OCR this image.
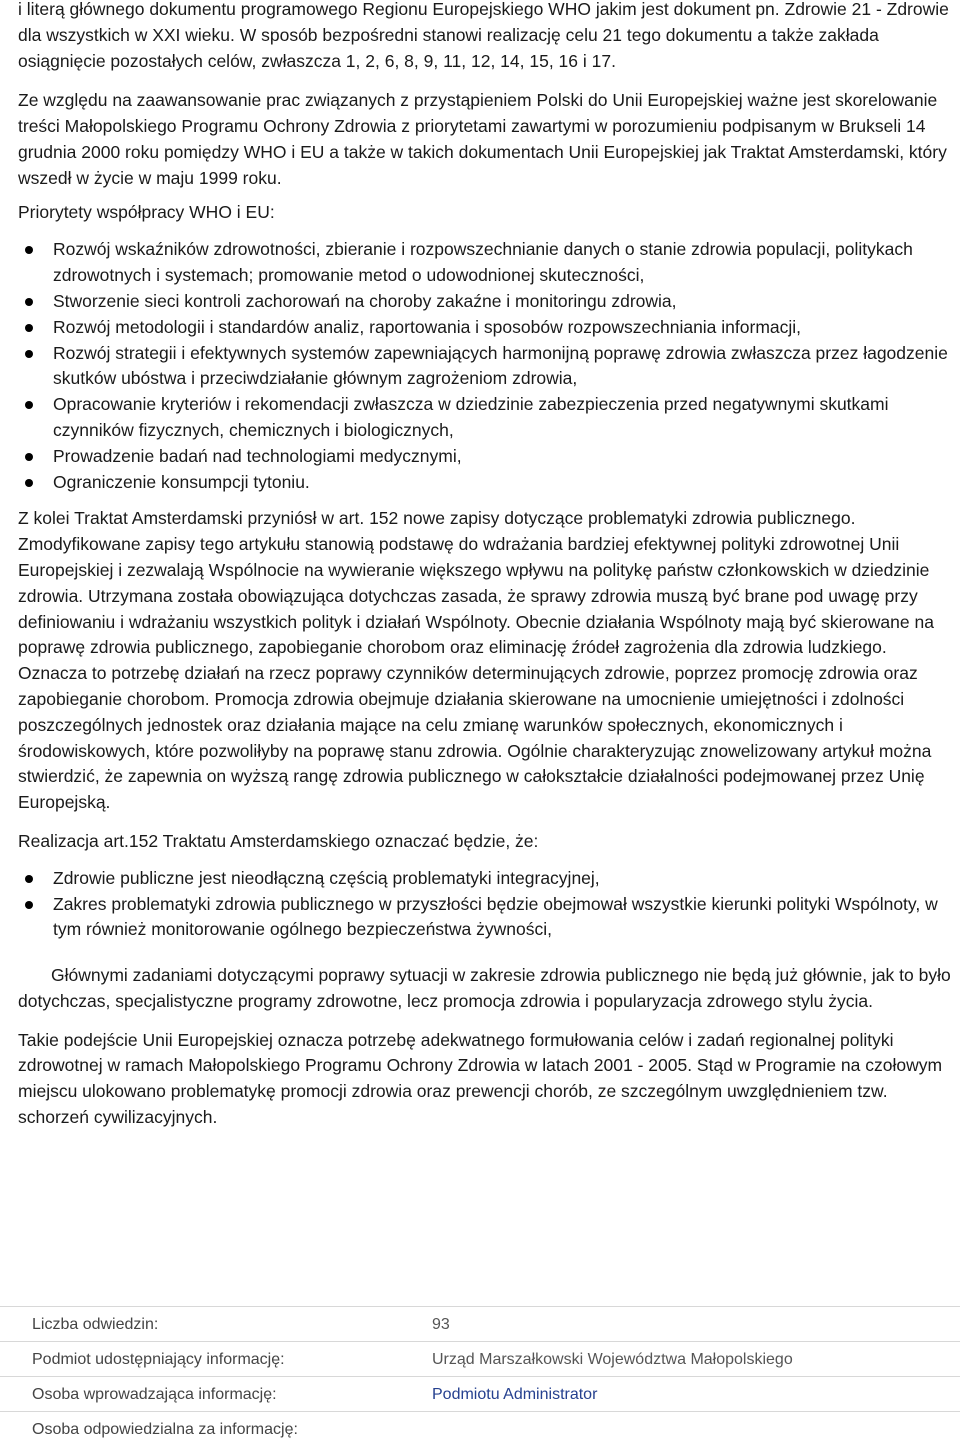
i literą głównego dokumentu programowego Regionu Europejskiego WHO jakim jest dokument pn. Zdrowie 21 - Zdrowie dla wszystkich w XXI wieku. W sposób bezpośredni stanowi realizację celu 21 tego dokumentu a także zakłada osiągnięcie pozostałych celów, zwłaszcza 1, 2, 6, 8, 9, 11, 12, 14, 15, 16 i 17.

Ze względu na zaawansowanie prac związanych z przystąpieniem Polski do Unii Europejskiej ważne jest skorelowanie treści Małopolskiego Programu Ochrony Zdrowia z priorytetami zawartymi w porozumieniu podpisanym w Brukseli 14 grudnia 2000 roku pomiędzy WHO i EU a także w takich dokumentach Unii Europejskiej jak Traktat Amsterdamski, który wszedł w życie w maju 1999 roku.

Priorytety współpracy WHO i EU:

Rozwój wskaźników zdrowotności, zbieranie i rozpowszechnianie danych o stanie zdrowia populacji, politykach zdrowotnych i systemach; promowanie metod o udowodnionej skuteczności,
Stworzenie sieci kontroli zachorowań na choroby zakaźne i monitoringu zdrowia,
Rozwój metodologii i standardów analiz, raportowania i sposobów rozpowszechniania informacji,
Rozwój strategii i efektywnych systemów zapewniających harmonijną poprawę zdrowia zwłaszcza przez łagodzenie skutków ubóstwa i przeciwdziałanie głównym zagrożeniom zdrowia,
Opracowanie kryteriów i rekomendacji zwłaszcza w dziedzinie zabezpieczenia przed negatywnymi skutkami czynników fizycznych, chemicznych i biologicznych,
Prowadzenie badań nad technologiami medycznymi,
Ograniczenie konsumpcji tytoniu.

Z kolei Traktat Amsterdamski przyniósł w art. 152 nowe zapisy dotyczące problematyki zdrowia publicznego. Zmodyfikowane zapisy tego artykułu stanowią podstawę do wdrażania bardziej efektywnej polityki zdrowotnej Unii Europejskiej i zezwalają Wspólnocie na wywieranie większego wpływu na politykę państw członkowskich w dziedzinie zdrowia. Utrzymana została obowiązująca dotychczas zasada, że sprawy zdrowia muszą być brane pod uwagę przy definiowaniu i wdrażaniu wszystkich polityk i działań Wspólnoty. Obecnie działania Wspólnoty mają być skierowane na poprawę zdrowia publicznego, zapobieganie chorobom oraz eliminację źródeł zagrożenia dla zdrowia ludzkiego. Oznacza to potrzebę działań na rzecz poprawy czynników determinujących zdrowie, poprzez promocję zdrowia oraz zapobieganie chorobom. Promocja zdrowia obejmuje działania skierowane na umocnienie umiejętności i zdolności poszczególnych jednostek oraz działania mające na celu zmianę warunków społecznych, ekonomicznych i środowiskowych, które pozwoliłyby na poprawę stanu zdrowia. Ogólnie charakteryzując znowelizowany artykuł można stwierdzić, że zapewnia on wyższą rangę zdrowia publicznego w całokształcie działalności podejmowanej przez Unię Europejską.

Realizacja art.152 Traktatu Amsterdamskiego oznaczać będzie, że:

Zdrowie publiczne jest nieodłączną częścią problematyki integracyjnej,
Zakres problematyki zdrowia publicznego w przyszłości będzie obejmował wszystkie kierunki polityki Wspólnoty, w tym również monitorowanie ogólnego bezpieczeństwa żywności,

Głównymi zadaniami dotyczącymi poprawy sytuacji w zakresie zdrowia publicznego nie będą już głównie, jak to było dotychczas, specjalistyczne programy zdrowotne, lecz promocja zdrowia i popularyzacja zdrowego stylu życia.

Takie podejście Unii Europejskiej oznacza potrzebę adekwatnego formułowania celów i zadań regionalnej polityki zdrowotnej w ramach Małopolskiego Programu Ochrony Zdrowia w latach 2001 - 2005. Stąd w Programie na czołowym miejscu ulokowano problematykę promocji zdrowia oraz prewencji chorób, ze szczególnym uwzględnieniem tzw. schorzeń cywilizacyjnych.

Liczba odwiedzin:	93
Podmiot udostępniający informację:	Urząd Marszałkowski Województwa Małopolskiego
Osoba wprowadzająca informację:	Podmiotu Administrator
Osoba odpowiedzialna za informację:
